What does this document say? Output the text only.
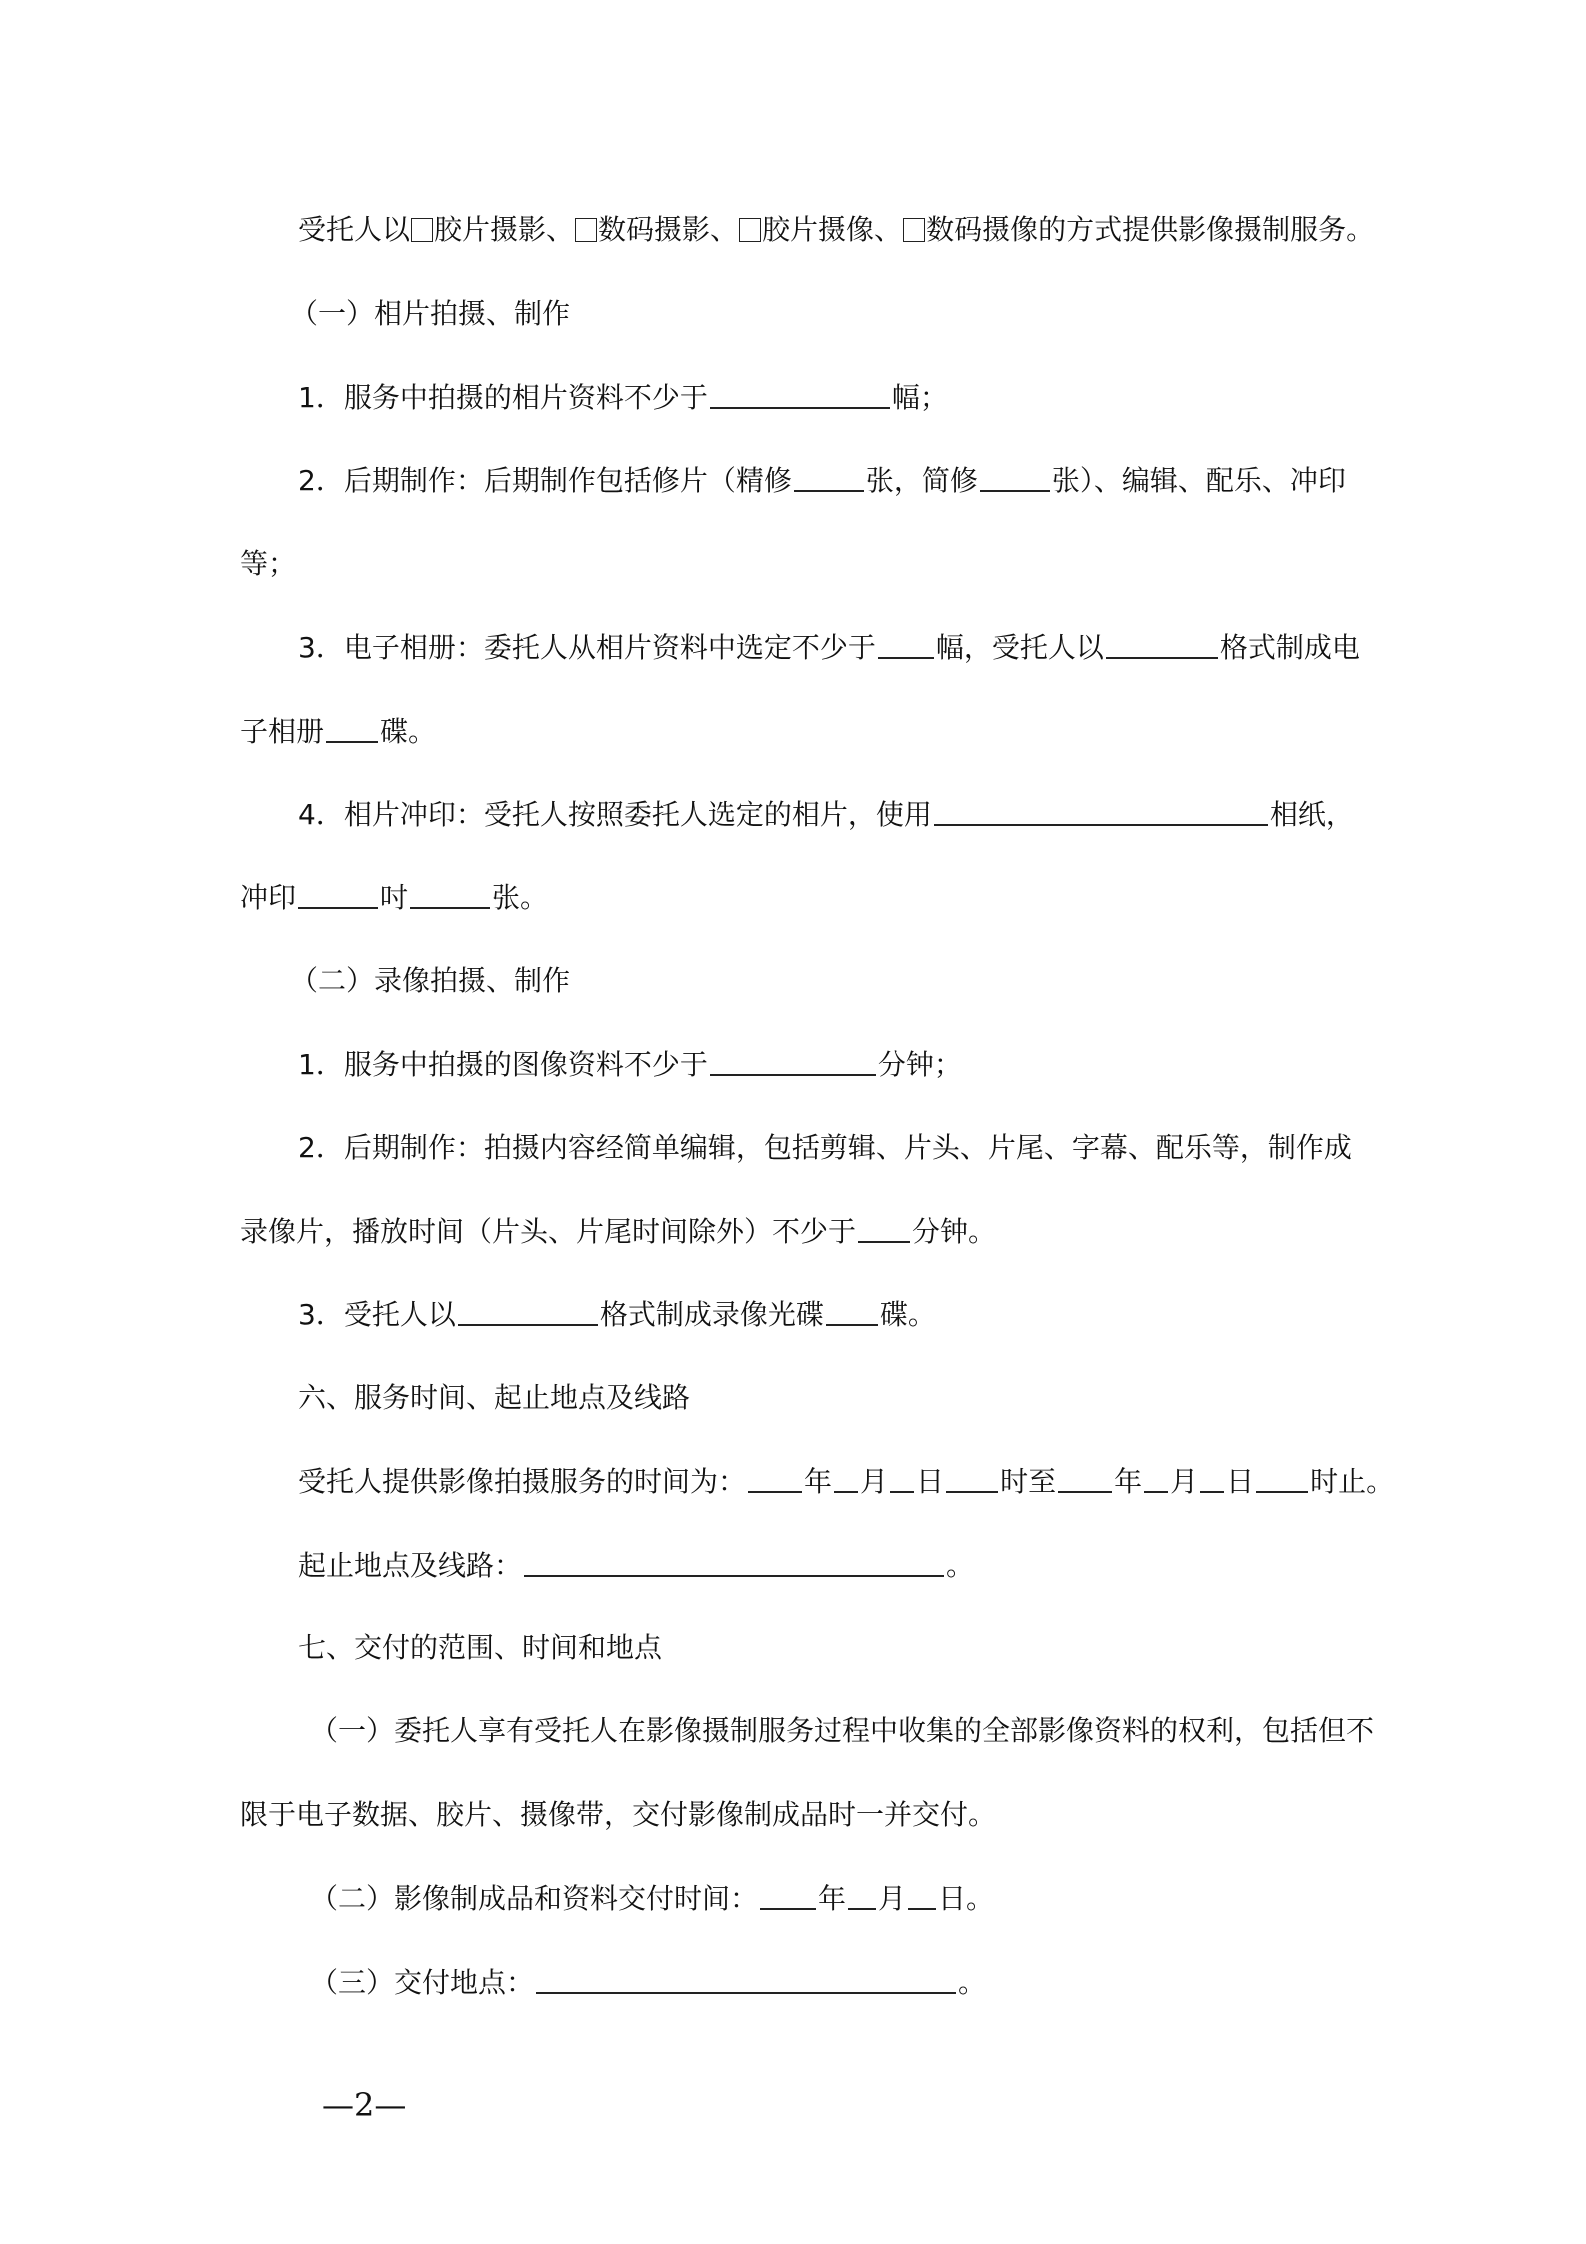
受托人以 胶片摄影、 数码摄影、 胶片摄像、 数码摄像的方式提供影像摄制服务。
（一）相片拍摄、制作
1．服务中拍摄的相片资料不少于	幅；
2．后期制作：后期制作包括修片（精修	张，简修	张）、编辑、配乐、冲印
等；
3．电子相册：委托人从相片资料中选定不少于 幅，受托人以	格式制成电
子相册 碟。
4．相片冲印：受托人按照委托人选定的相片，使用	相纸，
冲印	吋	张。
（二）录像拍摄、制作
1．服务中拍摄的图像资料不少于	分钟；
2．后期制作：拍摄内容经简单编辑，包括剪辑、片头、片尾、字幕、配乐等，制作成
录像片，播放时间（片头、片尾时间除外）不少于 分钟。
3．受托人以	格式制成录像光碟 碟。
六、服务时间、起止地点及线路
受托人提供影像拍摄服务的时间为： 年 月 日 时至 年 月 日 时止。
起止地点及线路：	。
七、交付的范围、时间和地点
（一）委托人享有受托人在影像摄制服务过程中收集的全部影像资料的权利，包括但不
限于电子数据、胶片、摄像带，交付影像制成品时一并交付。
（二）影像制成品和资料交付时间： 年 月 日。
（三）交付地点：	。
—2—
